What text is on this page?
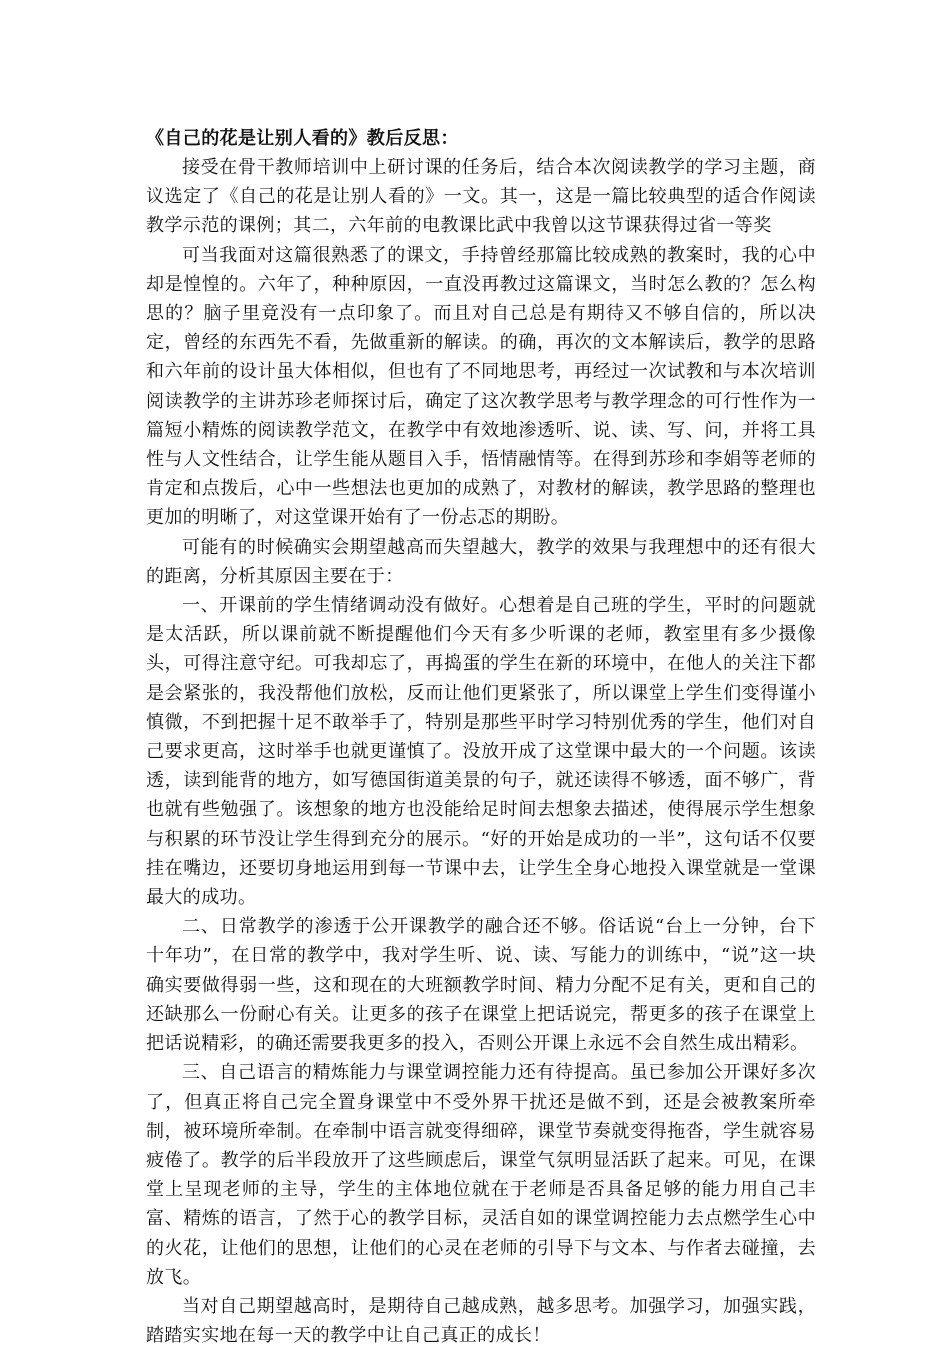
《自己的花是让别人看的》教后反思：

接受在骨干教师培训中上研讨课的任务后，结合本次阅读教学的学习主题，商议选定了《自己的花是让别人看的》一文。其一，这是一篇比较典型的适合作阅读教学示范的课例；其二，六年前的电教课比武中我曾以这节课获得过省一等奖

可当我面对这篇很熟悉了的课文，手持曾经那篇比较成熟的教案时，我的心中却是惶惶的。六年了，种种原因，一直没再教过这篇课文，当时怎么教的？怎么构思的？脑子里竟没有一点印象了。而且对自己总是有期待又不够自信的，所以决定，曾经的东西先不看，先做重新的解读。的确，再次的文本解读后，教学的思路和六年前的设计虽大体相似，但也有了不同地思考，再经过一次试教和与本次培训阅读教学的主讲苏珍老师探讨后，确定了这次教学思考与教学理念的可行性作为一篇短小精炼的阅读教学范文，在教学中有效地渗透听、说、读、写、问，并将工具性与人文性结合，让学生能从题目入手，悟情融情等。在得到苏珍和李娟等老师的肯定和点拨后，心中一些想法也更加的成熟了，对教材的解读，教学思路的整理也更加的明晰了，对这堂课开始有了一份忐忑的期盼。

可能有的时候确实会期望越高而失望越大，教学的效果与我理想中的还有很大的距离，分析其原因主要在于：

一、开课前的学生情绪调动没有做好。心想着是自己班的学生，平时的问题就是太活跃，所以课前就不断提醒他们今天有多少听课的老师，教室里有多少摄像头，可得注意守纪。可我却忘了，再捣蛋的学生在新的环境中，在他人的关注下都是会紧张的，我没帮他们放松，反而让他们更紧张了，所以课堂上学生们变得谨小慎微，不到把握十足不敢举手了，特别是那些平时学习特别优秀的学生，他们对自己要求更高，这时举手也就更谨慎了。没放开成了这堂课中最大的一个问题。该读透，读到能背的地方，如写德国街道美景的句子，就还读得不够透，面不够广，背也就有些勉强了。该想象的地方也没能给足时间去想象去描述，使得展示学生想象与积累的环节没让学生得到充分的展示。“好的开始是成功的一半”，这句话不仅要挂在嘴边，还要切身地运用到每一节课中去，让学生全身心地投入课堂就是一堂课最大的成功。

二、日常教学的渗透于公开课教学的融合还不够。俗话说“台上一分钟，台下十年功”，在日常的教学中，我对学生听、说、读、写能力的训练中，“说”这一块确实要做得弱一些，这和现在的大班额教学时间、精力分配不足有关，更和自己的还缺那么一份耐心有关。让更多的孩子在课堂上把话说完，帮更多的孩子在课堂上把话说精彩，的确还需要我更多的投入，否则公开课上永远不会自然生成出精彩。

三、自己语言的精炼能力与课堂调控能力还有待提高。虽已参加公开课好多次了，但真正将自己完全置身课堂中不受外界干扰还是做不到，还是会被教案所牵制，被环境所牵制。在牵制中语言就变得细碎，课堂节奏就变得拖沓，学生就容易疲倦了。教学的后半段放开了这些顾虑后，课堂气氛明显活跃了起来。可见，在课堂上呈现老师的主导，学生的主体地位就在于老师是否具备足够的能力用自己丰富、精炼的语言，了然于心的教学目标，灵活自如的课堂调控能力去点燃学生心中的火花，让他们的思想，让他们的心灵在老师的引导下与文本、与作者去碰撞，去放飞。

当对自己期望越高时，是期待自己越成熟，越多思考。加强学习，加强实践，踏踏实实地在每一天的教学中让自己真正的成长！
